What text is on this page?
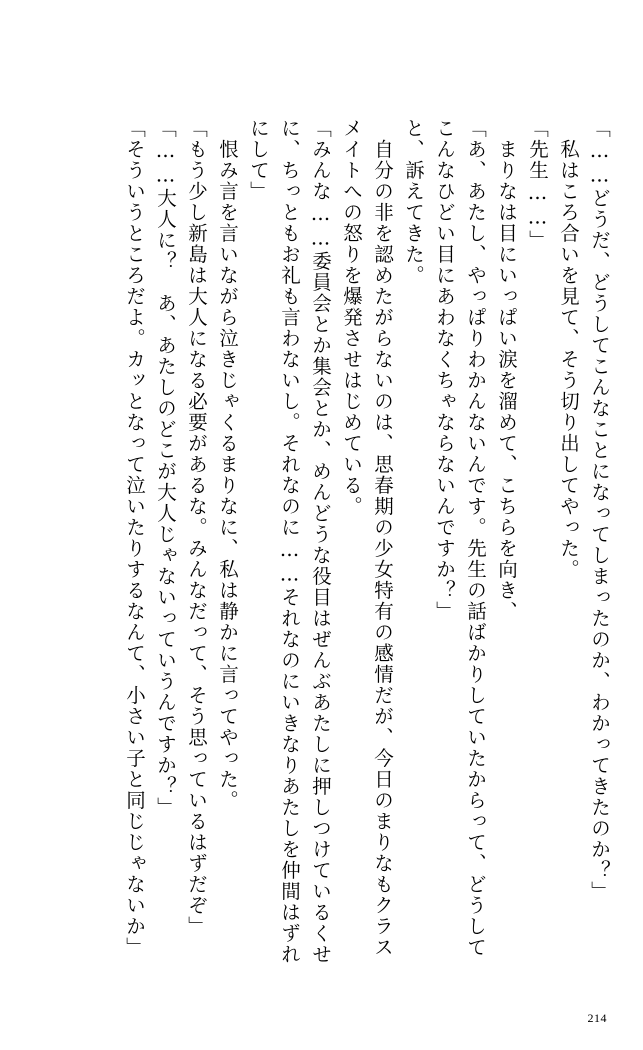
「……どうだ、どうしてこんなことになってしまったのか、わかってきたのか？」
　私はころ合いを見て、そう切り出してやった。
「先生……」
　まりなは目にいっぱい涙を溜めて、こちらを向き、
「あ、あたし、やっぱりわかんないんです。先生の話ばかりしていたからって、どうして
こんなひどい目にあわなくちゃならないんですか？」
と、訴えてきた。
　自分の非を認めたがらないのは、思春期の少女特有の感情だが、今日のまりなもクラス
メイトへの怒りを爆発させはじめている。
「みんな……委員会とか集会とか、めんどうな役目はぜんぶあたしに押しつけているくせ
に、ちっともお礼も言わないし。それなのに……それなのにいきなりあたしを仲間はずれ
にして」
　恨み言を言いながら泣きじゃくるまりなに、私は静かに言ってやった。
「もう少し新島は大人になる必要があるな。みんなだって、そう思っているはずだぞ」
「……大人に？　あ、あたしのどこが大人じゃないっていうんですか？」
「そういうところだよ。カッとなって泣いたりするなんて、小さい子と同じじゃないか」
214
